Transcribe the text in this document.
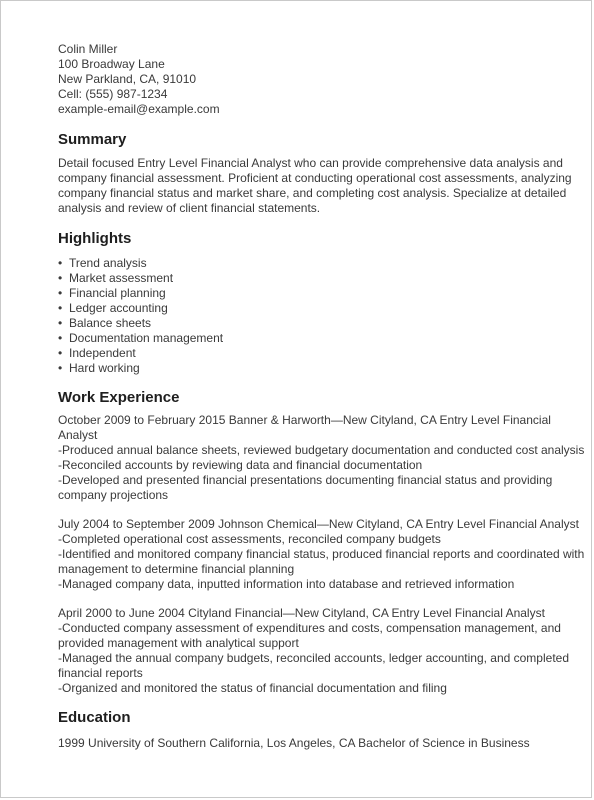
Colin Miller
100 Broadway Lane
New Parkland, CA, 91010
Cell: (555) 987-1234
example-email@example.com
Summary
Detail focused Entry Level Financial Analyst who can provide comprehensive data analysis and company financial assessment. Proficient at conducting operational cost assessments, analyzing company financial status and market share, and completing cost analysis. Specialize at detailed analysis and review of client financial statements.
Highlights
• Trend analysis
• Market assessment
• Financial planning
• Ledger accounting
• Balance sheets
• Documentation management
• Independent
• Hard working
Work Experience
October 2009 to February 2015 Banner & Harworth—New Cityland, CA Entry Level Financial Analyst
-Produced annual balance sheets, reviewed budgetary documentation and conducted cost analysis
-Reconciled accounts by reviewing data and financial documentation
-Developed and presented financial presentations documenting financial status and providing company projections
July 2004 to September 2009 Johnson Chemical—New Cityland, CA Entry Level Financial Analyst
-Completed operational cost assessments, reconciled company budgets
-Identified and monitored company financial status, produced financial reports and coordinated with management to determine financial planning
-Managed company data, inputted information into database and retrieved information
April 2000 to June 2004 Cityland Financial—New Cityland, CA Entry Level Financial Analyst
-Conducted company assessment of expenditures and costs, compensation management, and provided management with analytical support
-Managed the annual company budgets, reconciled accounts, ledger accounting, and completed financial reports
-Organized and monitored the status of financial documentation and filing
Education
1999 University of Southern California, Los Angeles, CA Bachelor of Science in Business
